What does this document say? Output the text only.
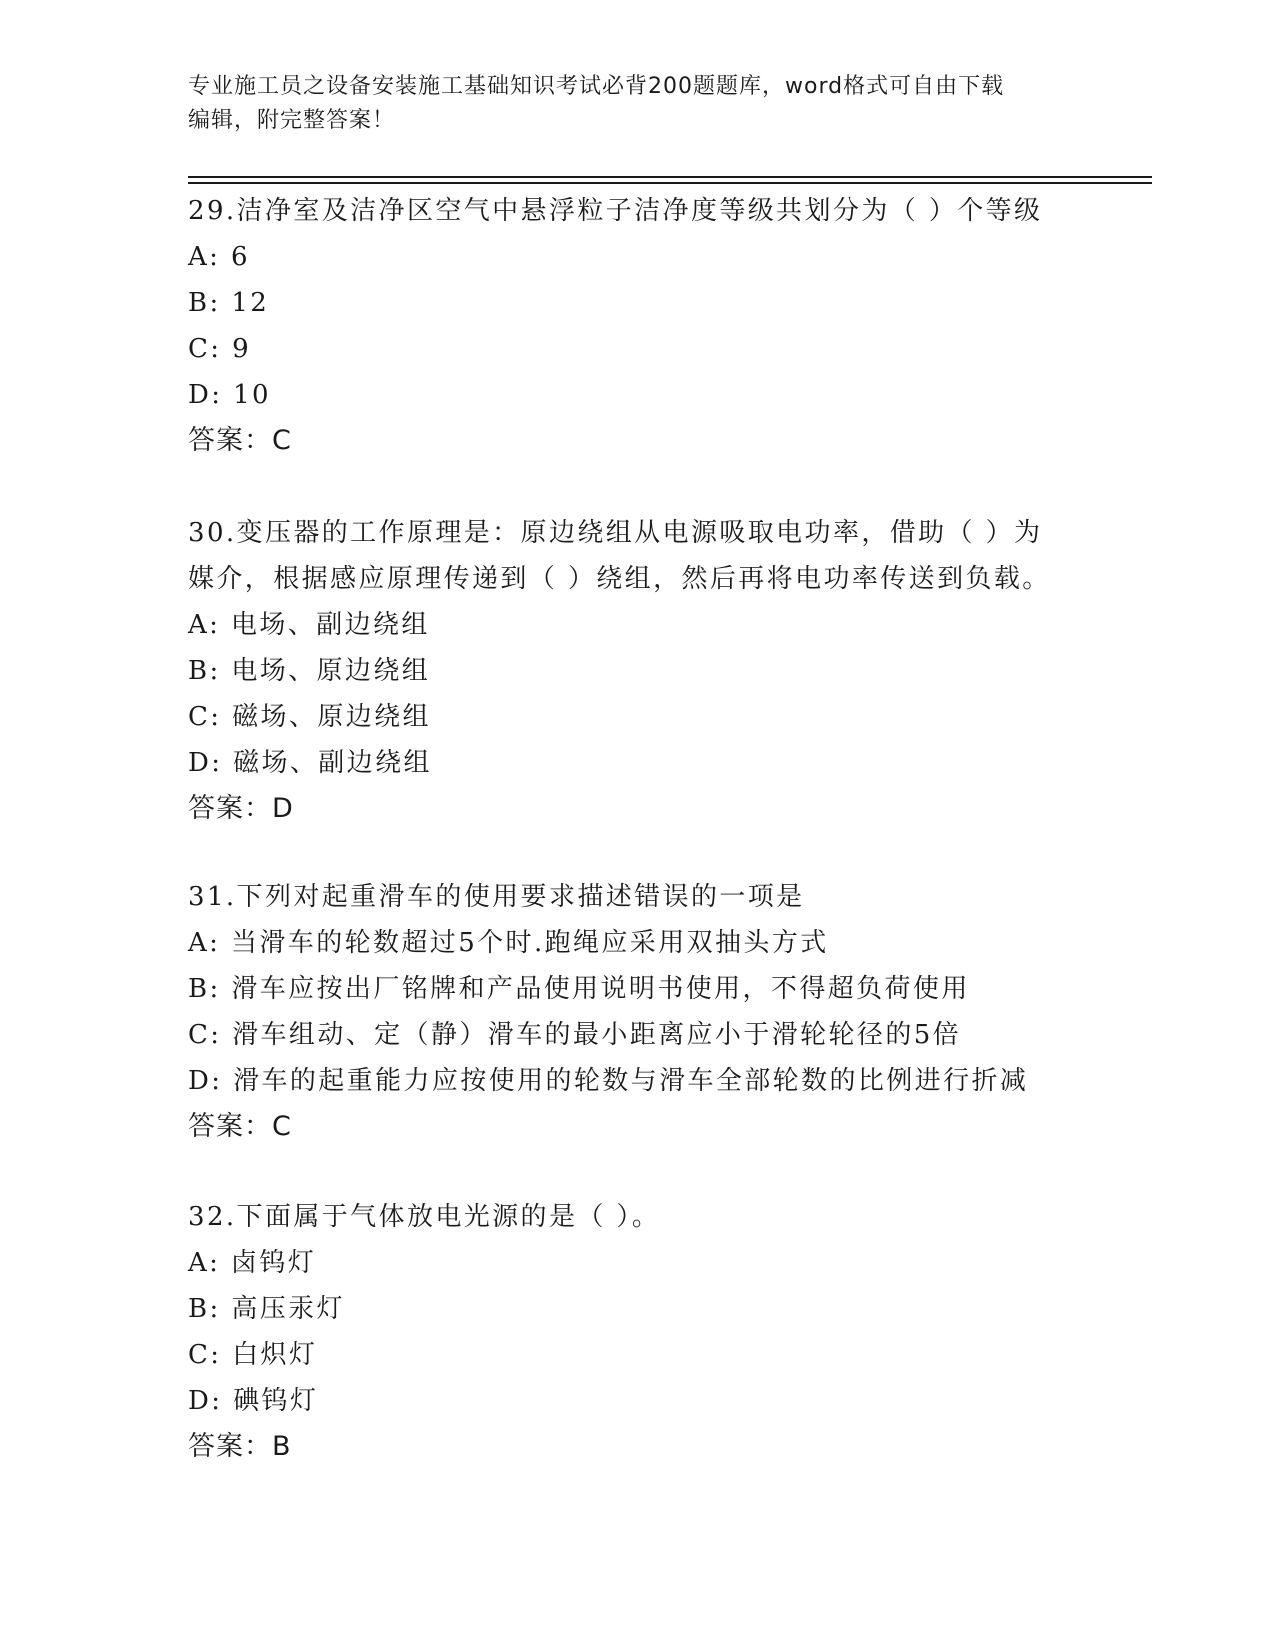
专业施工员之设备安装施工基础知识考试必背200题题库，word格式可自由下载
编辑，附完整答案！
29.洁净室及洁净区空气中悬浮粒子洁净度等级共划分为（ ）个等级
A: 6
B: 12
C: 9
D: 10
答案：C
30.变压器的工作原理是：原边绕组从电源吸取电功率，借助（ ）为
媒介，根据感应原理传递到（ ）绕组，然后再将电功率传送到负载。
A: 电场、副边绕组
B: 电场、原边绕组
C: 磁场、原边绕组
D: 磁场、副边绕组
答案：D
31.下列对起重滑车的使用要求描述错误的一项是
A: 当滑车的轮数超过5个时.跑绳应采用双抽头方式
B: 滑车应按出厂铭牌和产品使用说明书使用，不得超负荷使用
C: 滑车组动、定（静）滑车的最小距离应小于滑轮轮径的5倍
D: 滑车的起重能力应按使用的轮数与滑车全部轮数的比例进行折减
答案：C
32.下面属于气体放电光源的是（ ）。
A: 卤钨灯
B: 高压汞灯
C: 白炽灯
D: 碘钨灯
答案：B
